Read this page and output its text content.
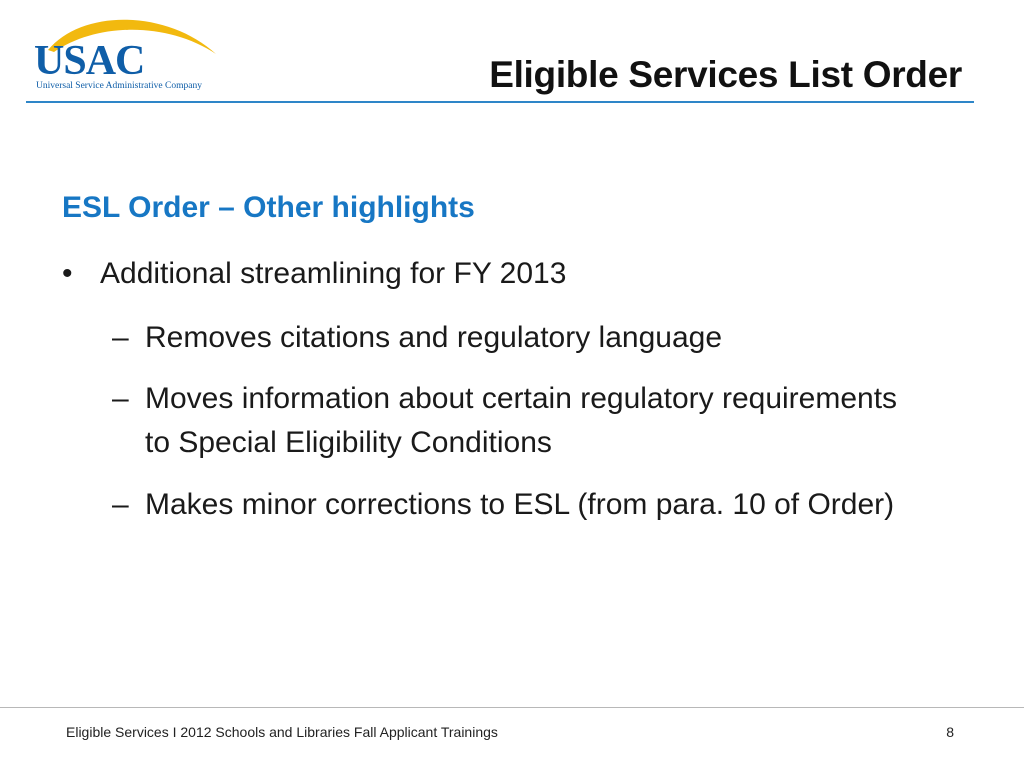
USAC
Universal Service Administrative Company	Eligible Services List Order
ESL Order – Other highlights
• Additional streamlining for FY 2013
– Removes citations and regulatory language
– Moves information about certain regulatory requirements to Special Eligibility Conditions
– Makes minor corrections to ESL (from para. 10 of Order)
Eligible Services I 2012 Schools and Libraries Fall Applicant Trainings	8
